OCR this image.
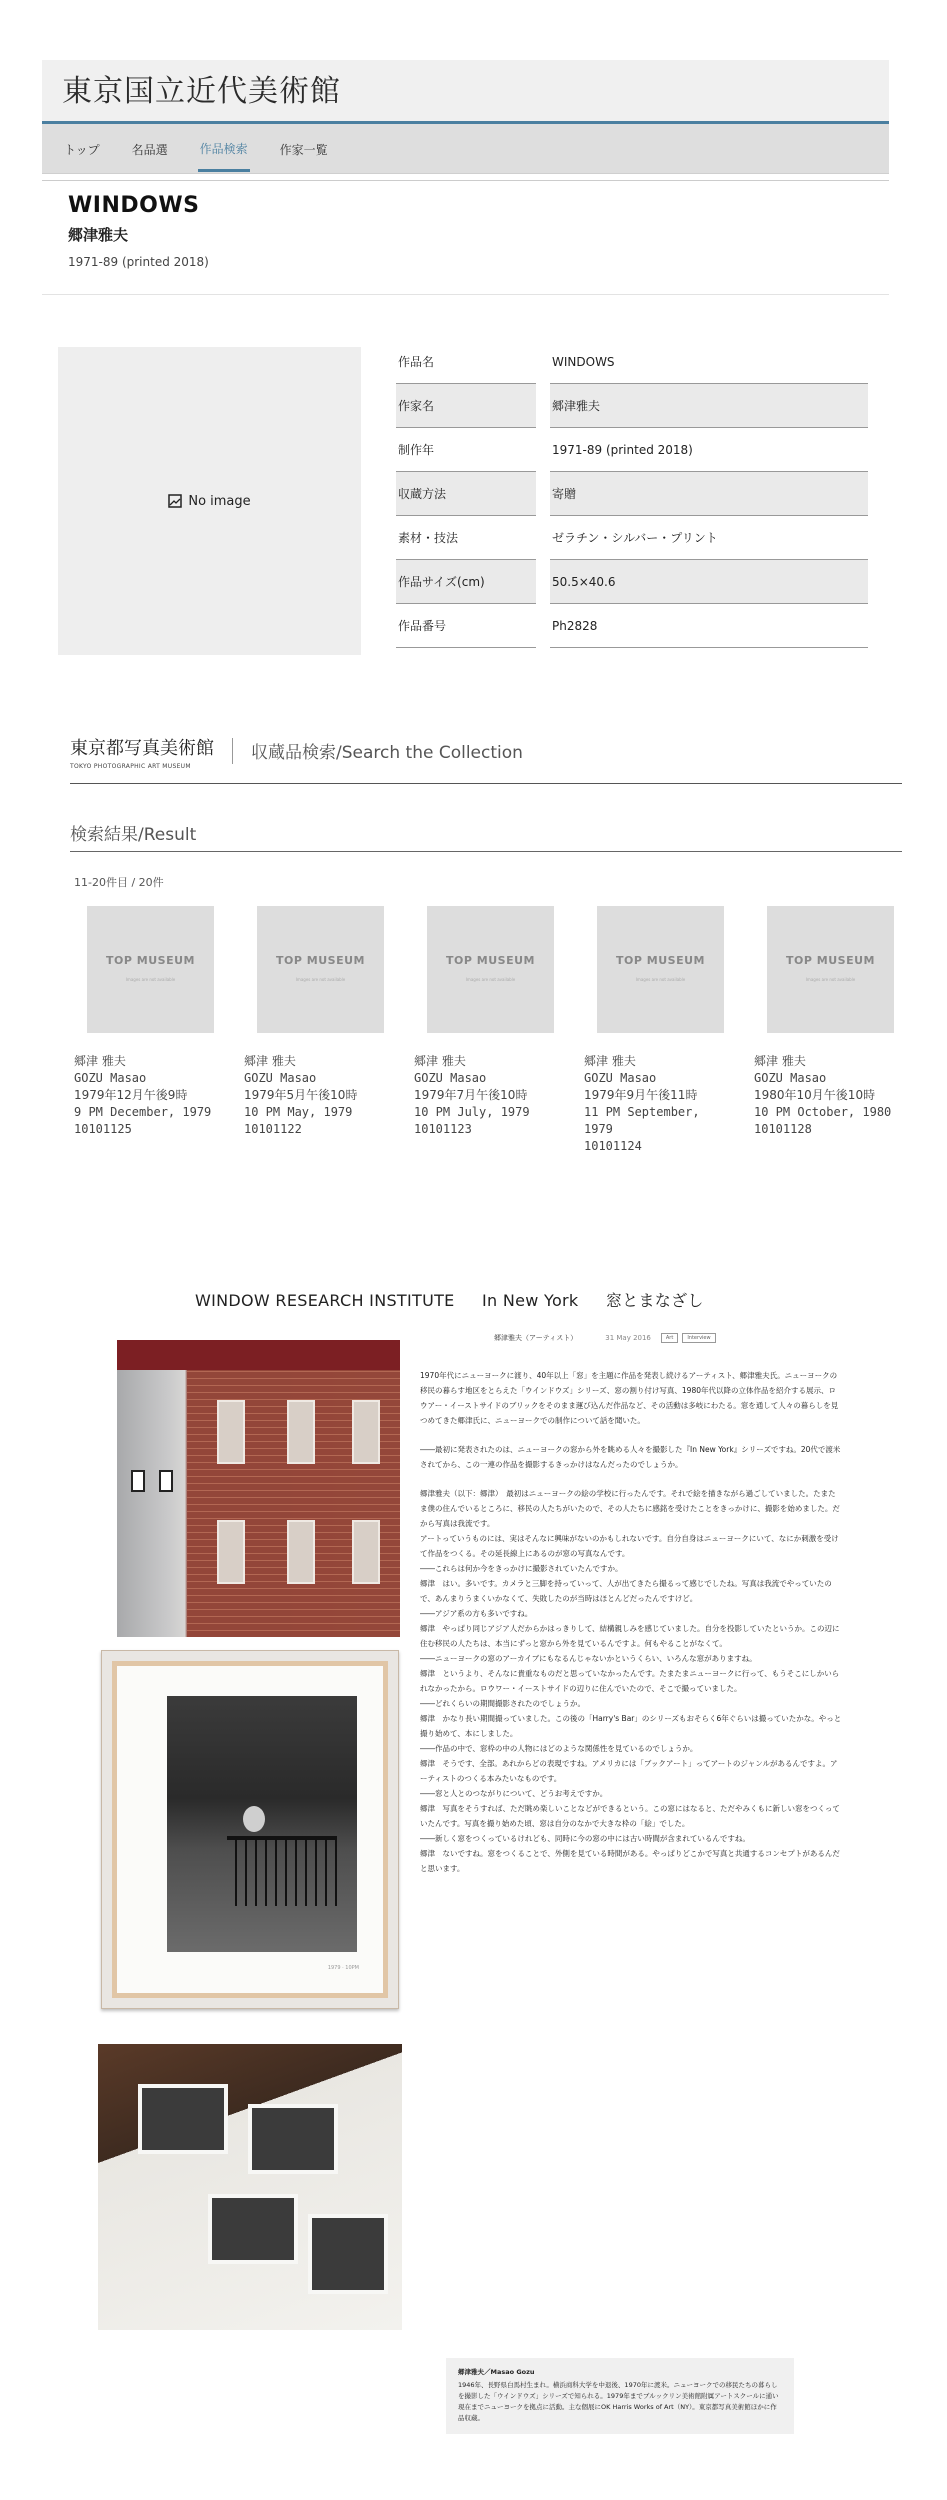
東京国立近代美術館
トップ	名品選	作品検索	作家一覧
WINDOWS
郷津雅夫
1971-89 (printed 2018)
No image
作品名	WINDOWS
作家名	郷津雅夫
制作年	1971-89 (printed 2018)
収蔵方法	寄贈
素材・技法	ゼラチン・シルバー・プリント
作品サイズ(cm)	50.5×40.6
作品番号	Ph2828
東京都写真美術館
TOKYO PHOTOGRAPHIC ART MUSEUM
収蔵品検索/Search the Collection
検索結果/Result
11-20件目 / 20件
TOP MUSEUM
Images are not available
郷津 雅夫
GOZU Masao
1979年12月午後9時
9 PM December, 1979
10101125
TOP MUSEUM
Images are not available
郷津 雅夫
GOZU Masao
1979年5月午後10時
10 PM May, 1979
10101122
TOP MUSEUM
Images are not available
郷津 雅夫
GOZU Masao
1979年7月午後10時
10 PM July, 1979
10101123
TOP MUSEUM
Images are not available
郷津 雅夫
GOZU Masao
1979年9月午後11時
11 PM September, 1979
10101124
TOP MUSEUM
Images are not available
郷津 雅夫
GOZU Masao
1980年10月午後10時
10 PM October, 1980
10101128
WINDOW RESEARCH INSTITUTE In New York 窓とまなざし
1979 · 10PM
郷津雅夫（アーティスト）	31 May 2016	Art	Interview

1970年代にニューヨークに渡り、40年以上「窓」を主題に作品を発表し続けるアーティスト、郷津雅夫氏。ニューヨークの移民の暮らす地区をとらえた「ウインドウズ」シリーズ、窓の割り付け写真、1980年代以降の立体作品を紹介する展示、ロウアー・イーストサイドのブリックをそのまま運び込んだ作品など、その活動は多岐にわたる。窓を通して人々の暮らしを見つめてきた郷津氏に、ニューヨークでの制作について話を聞いた。

――最初に発表されたのは、ニューヨークの窓から外を眺める人々を撮影した『In New York』シリーズですね。20代で渡米されてから、この一連の作品を撮影するきっかけはなんだったのでしょうか。

郷津雅夫（以下：郷津）　最初はニューヨークの絵の学校に行ったんです。それで絵を描きながら過ごしていました。たまたま僕の住んでいるところに、移民の人たちがいたので、その人たちに感銘を受けたことをきっかけに、撮影を始めました。だから写真は我流です。

アートっていうものには、実はそんなに興味がないのかもしれないです。自分自身はニューヨークにいて、なにか刺激を受けて作品をつくる。その延長線上にあるのが窓の写真なんです。

――これらは何か今をきっかけに撮影されていたんですか。

郷津　はい。多いです。カメラと三脚を持っていって、人が出てきたら撮るって感じでしたね。写真は我流でやっていたので、あんまりうまくいかなくて、失敗したのが当時はほとんどだったんですけど。

――アジア系の方も多いですね。

郷津　やっぱり同じアジア人だからかはっきりして、結構親しみを感じていました。自分を投影していたというか。この辺に住む移民の人たちは、本当にずっと窓から外を見ているんですよ。何もやることがなくて。

――ニューヨークの窓のアーカイブにもなるんじゃないかというくらい、いろんな窓がありますね。

郷津　というより、そんなに貴重なものだと思っていなかったんです。たまたまニューヨークに行って、もうそこにしかいられなかったから。ロウワー・イーストサイドの辺りに住んでいたので、そこで撮っていました。

――どれくらいの期間撮影されたのでしょうか。

郷津　かなり長い期間撮っていました。この後の「Harry's Bar」のシリーズもおそらく6年ぐらいは撮っていたかな。やっと撮り始めて、本にしました。

――作品の中で、窓枠の中の人物にはどのような関係性を見ているのでしょうか。

郷津　そうです、全部。あれからどの表現ですね。アメリカには「ブックアート」ってアートのジャンルがあるんですよ。アーティストのつくる本みたいなものです。

――窓と人とのつながりについて、どうお考えですか。

郷津　写真をそうすれば、ただ眺め楽しいことなどができるという。この窓にはなると、ただやみくもに新しい窓をつくっていたんです。写真を撮り始めた頃、窓は自分のなかで大きな枠の「絵」でした。

――新しく窓をつくっているけれども、同時に今の窓の中には古い時間が含まれているんですね。

郷津　ないですね。窓をつくることで、外側を見ている時間がある。やっぱりどこかで写真と共通するコンセプトがあるんだと思います。

郷津雅夫／Masao Gozu
1946年、長野県白馬村生まれ。横浜商科大学を中退後、1970年に渡米。ニューヨークでの移民たちの暮らしを撮影した「ウインドウズ」シリーズで知られる。1979年までブルックリン美術館附属アートスクールに通い現在までニューヨークを拠点に活動。主な個展にOK Harris Works of Art（NY）。東京都写真美術館ほかに作品収蔵。
